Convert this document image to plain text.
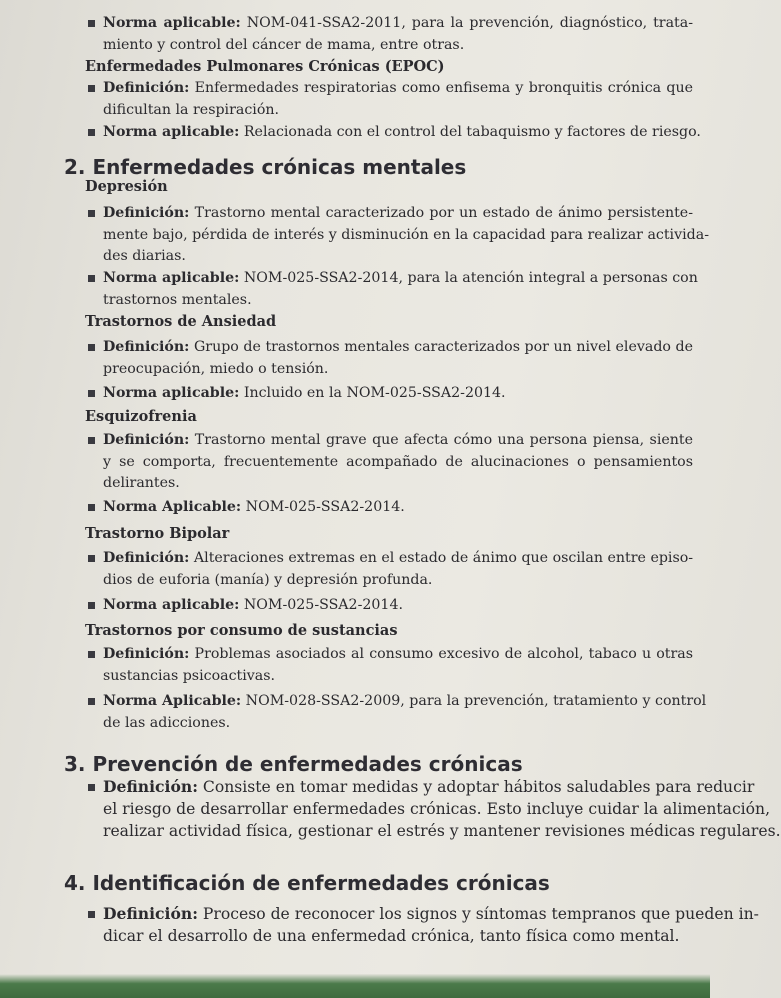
Norma aplicable: NOM-041-SSA2-2011, para la prevención, diagnóstico, trata-
miento y control del cáncer de mama, entre otras.
Enfermedades Pulmonares Crónicas (EPOC)
Definición: Enfermedades respiratorias como enfisema y bronquitis crónica que
dificultan la respiración.
Norma aplicable: Relacionada con el control del tabaquismo y factores de riesgo.
2. Enfermedades crónicas mentales
Depresión
Definición: Trastorno mental caracterizado por un estado de ánimo persistente-
mente bajo, pérdida de interés y disminución en la capacidad para realizar activida-
des diarias.
Norma aplicable: NOM-025-SSA2-2014, para la atención integral a personas con
trastornos mentales.
Trastornos de Ansiedad
Definición: Grupo de trastornos mentales caracterizados por un nivel elevado de
preocupación, miedo o tensión.
Norma aplicable: Incluido en la NOM-025-SSA2-2014.
Esquizofrenia
Definición: Trastorno mental grave que afecta cómo una persona piensa, siente
y se comporta, frecuentemente acompañado de alucinaciones o pensamientos
delirantes.
Norma Aplicable: NOM-025-SSA2-2014.
Trastorno Bipolar
Definición: Alteraciones extremas en el estado de ánimo que oscilan entre episo-
dios de euforia (manía) y depresión profunda.
Norma aplicable: NOM-025-SSA2-2014.
Trastornos por consumo de sustancias
Definición: Problemas asociados al consumo excesivo de alcohol, tabaco u otras
sustancias psicoactivas.
Norma Aplicable: NOM-028-SSA2-2009, para la prevención, tratamiento y control
de las adicciones.
3. Prevención de enfermedades crónicas
Definición: Consiste en tomar medidas y adoptar hábitos saludables para reducir
el riesgo de desarrollar enfermedades crónicas. Esto incluye cuidar la alimentación,
realizar actividad física, gestionar el estrés y mantener revisiones médicas regulares.
4. Identificación de enfermedades crónicas
Definición: Proceso de reconocer los signos y síntomas tempranos que pueden in-
dicar el desarrollo de una enfermedad crónica, tanto física como mental.
